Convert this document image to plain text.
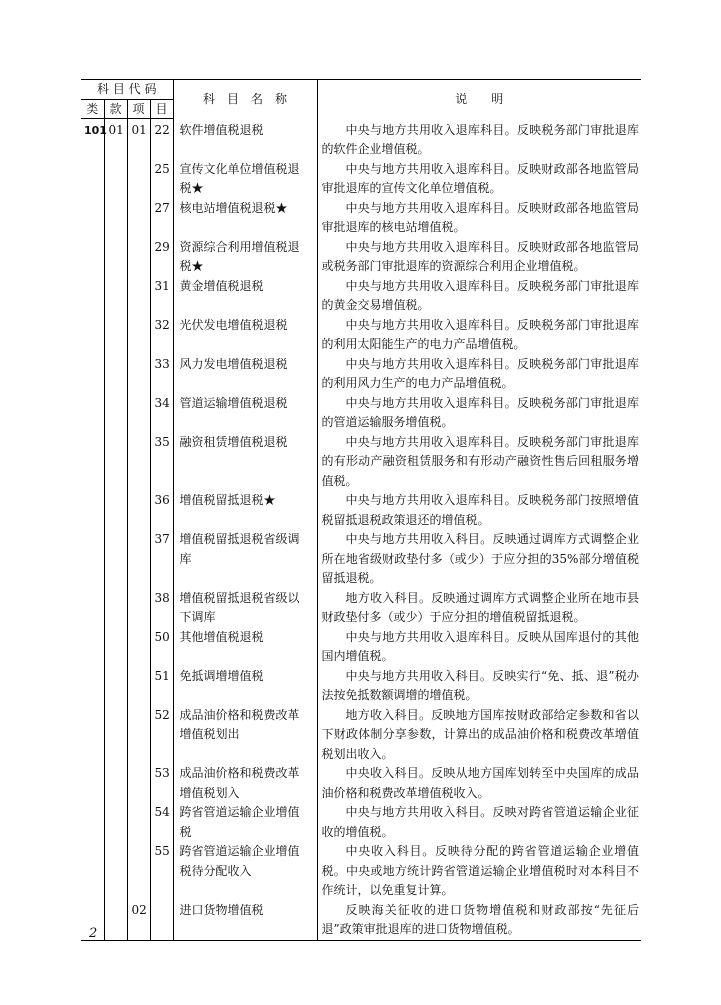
科 目 代 码				科　目　名　称	说　　明
类	款	项	目		
101	01	01	22	软件增值税退税	中央与地方共用收入退库科目。反映税务部门审批退库的软件企业增值税。

			25	宣传文化单位增值税退税★	中央与地方共用收入退库科目。反映财政部各地监管局审批退库的宣传文化单位增值税。

			27	核电站增值税退税★	中央与地方共用收入退库科目。反映财政部各地监管局审批退库的核电站增值税。

			29	资源综合利用增值税退税★	中央与地方共用收入退库科目。反映财政部各地监管局或税务部门审批退库的资源综合利用企业增值税。

			31	黄金增值税退税	中央与地方共用收入退库科目。反映税务部门审批退库的黄金交易增值税。

			32	光伏发电增值税退税	中央与地方共用收入退库科目。反映税务部门审批退库的利用太阳能生产的电力产品增值税。

			33	风力发电增值税退税	中央与地方共用收入退库科目。反映税务部门审批退库的利用风力生产的电力产品增值税。

			34	管道运输增值税退税	中央与地方共用收入退库科目。反映税务部门审批退库的管道运输服务增值税。

			35	融资租赁增值税退税	中央与地方共用收入退库科目。反映税务部门审批退库的有形动产融资租赁服务和有形动产融资性售后回租服务增值税。

			36	增值税留抵退税★	中央与地方共用收入退库科目。反映税务部门按照增值税留抵退税政策退还的增值税。

			37	增值税留抵退税省级调库	中央与地方共用收入科目。反映通过调库方式调整企业所在地省级财政垫付多（或少）于应分担的35%部分增值税留抵退税。

			38	增值税留抵退税省级以下调库	地方收入科目。反映通过调库方式调整企业所在地市县财政垫付多（或少）于应分担的增值税留抵退税。

			50	其他增值税退税	中央与地方共用收入退库科目。反映从国库退付的其他国内增值税。

			51	免抵调增增值税	中央与地方共用收入科目。反映实行“免、抵、退”税办法按免抵数额调增的增值税。

			52	成品油价格和税费改革增值税划出	地方收入科目。反映地方国库按财政部给定参数和省以下财政体制分享参数，计算出的成品油价格和税费改革增值税划出收入。

			53	成品油价格和税费改革增值税划入	中央收入科目。反映从地方国库划转至中央国库的成品油价格和税费改革增值税收入。

			54	跨省管道运输企业增值税	中央与地方共用收入科目。反映对跨省管道运输企业征收的增值税。

			55	跨省管道运输企业增值税待分配收入	中央收入科目。反映待分配的跨省管道运输企业增值税。中央或地方统计跨省管道运输企业增值税时对本科目不作统计，以免重复计算。

		02		进口货物增值税	反映海关征收的进口货物增值税和财政部按“先征后退”政策审批退库的进口货物增值税。
2
